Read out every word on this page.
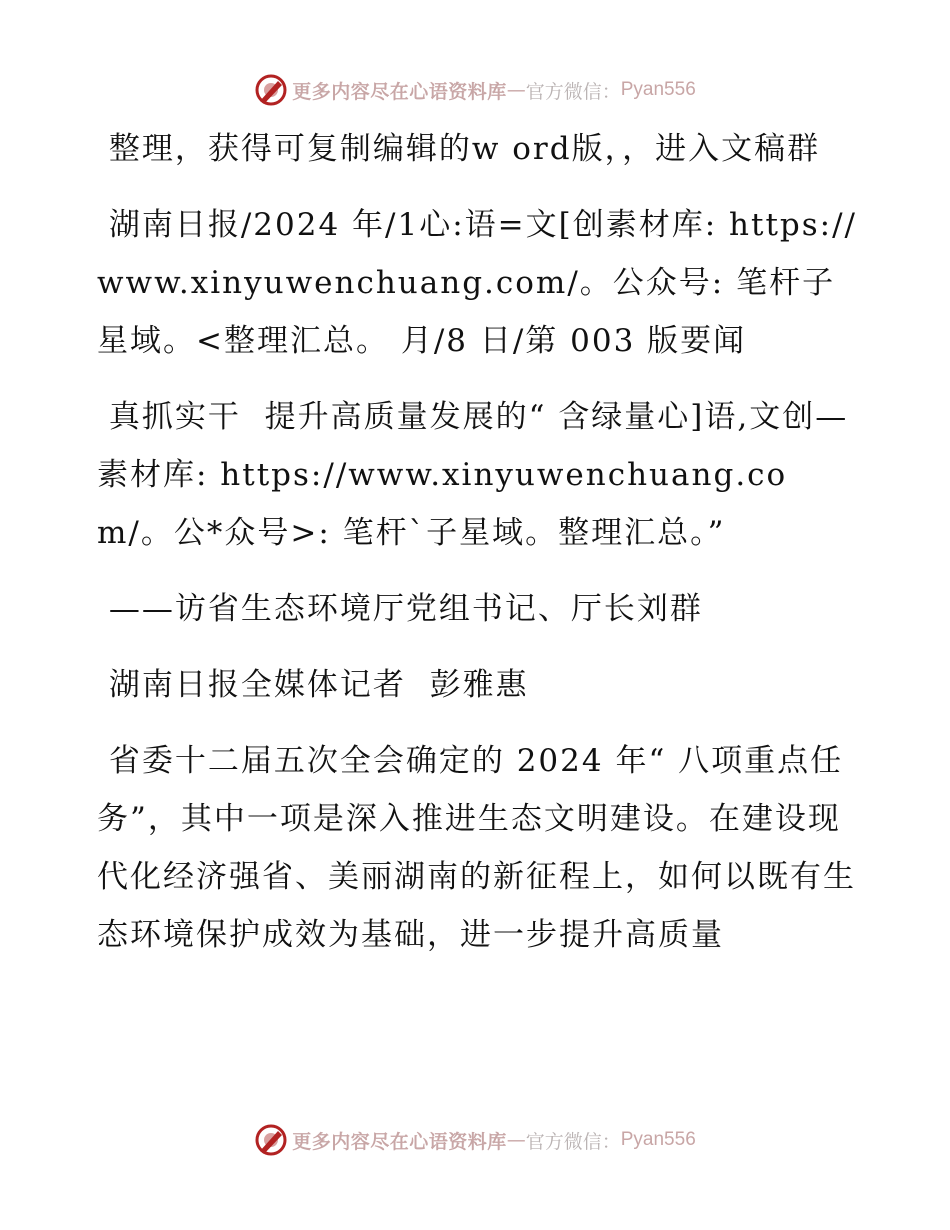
更多内容尽在心语资料库 — 官方微信： Pyan556

整理，获得可复制编辑的w ord版，，进入文稿群

湖南日报/2024 年/1心:语=文[创素材库: https://www.xinyuwenchuang.com/。公众号: 笔杆子星域。<整理汇总。 月/8 日/第 003 版要闻

真抓实干  提升高质量发展的“ 含绿量心]语,文创—素材库: https://www.xinyuwenchuang.com/。公*众号>: 笔杆`子星域。整理汇总。”

——访省生态环境厅党组书记、厅长刘群

湖南日报全媒体记者  彭雅惠

省委十二届五次全会确定的 2024 年“ 八项重点任务”，其中一项是深入推进生态文明建设。在建设现代化经济强省、美丽湖南的新征程上，如何以既有生态环境保护成效为基础，进一步提升高质量

更多内容尽在心语资料库 — 官方微信： Pyan556
